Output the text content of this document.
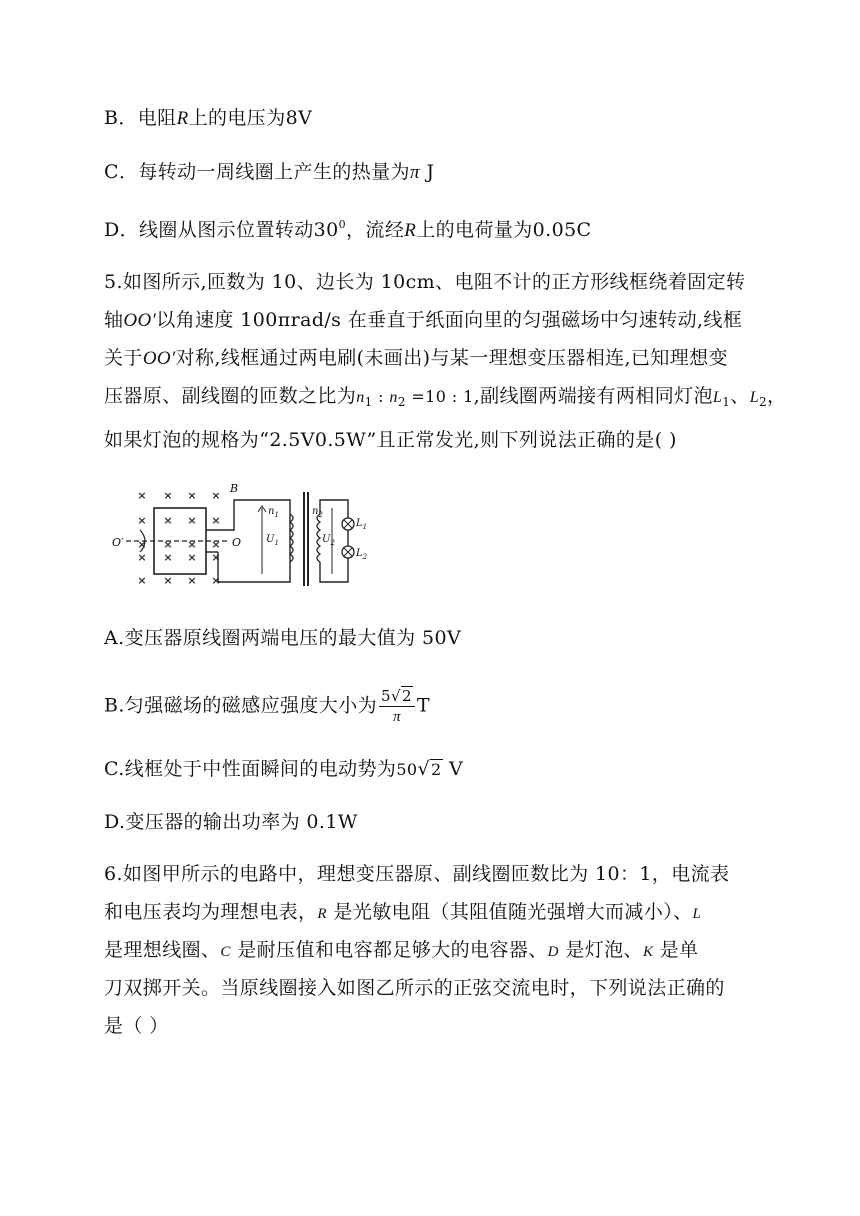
B．电阻R上的电压为8V
C．每转动一周线圈上产生的热量为π J
D．线圈从图示位置转动$30^0$，流经R上的电荷量为0.05C
5.如图所示,匝数为 10、边长为 10cm、电阻不计的正方形线框绕着固定转
轴OO′以角速度 100πrad/s 在垂直于纸面向里的匀强磁场中匀速转动,线框
关于OO′对称,线框通过两电刷(未画出)与某一理想变压器相连,已知理想变
压器原、副线圈的匝数之比为$n_1$ : $n_2 =10$ : 1,副线圈两端接有两相同灯泡$L_1$、$L_2$，
如果灯泡的规格为“2.5V0.5W”且正常发光,则下列说法正确的是( )
× × × ×
× × × ×
× × × ×
× × × ×
× × × ×
O′	O
B
$n_1$
$U_1$
$n_2$
$U_2$
$L_1$
$L_2$
A.变压器原线圈两端电压的最大值为 50V
B.匀强磁场的磁感应强度大小为 $\frac{5√2}{\pi}$ T
C.线框处于中性面瞬间的电动势为50√2 V
D.变压器的输出功率为 0.1W
6.如图甲所示的电路中，理想变压器原、副线圈匝数比为 10：1，电流表
和电压表均为理想电表，R 是光敏电阻（其阻值随光强增大而减小）、L
是理想线圈、C 是耐压值和电容都足够大的电容器、D 是灯泡、K 是单
刀双掷开关。当原线圈接入如图乙所示的正弦交流电时，下列说法正确的
是（ ）
